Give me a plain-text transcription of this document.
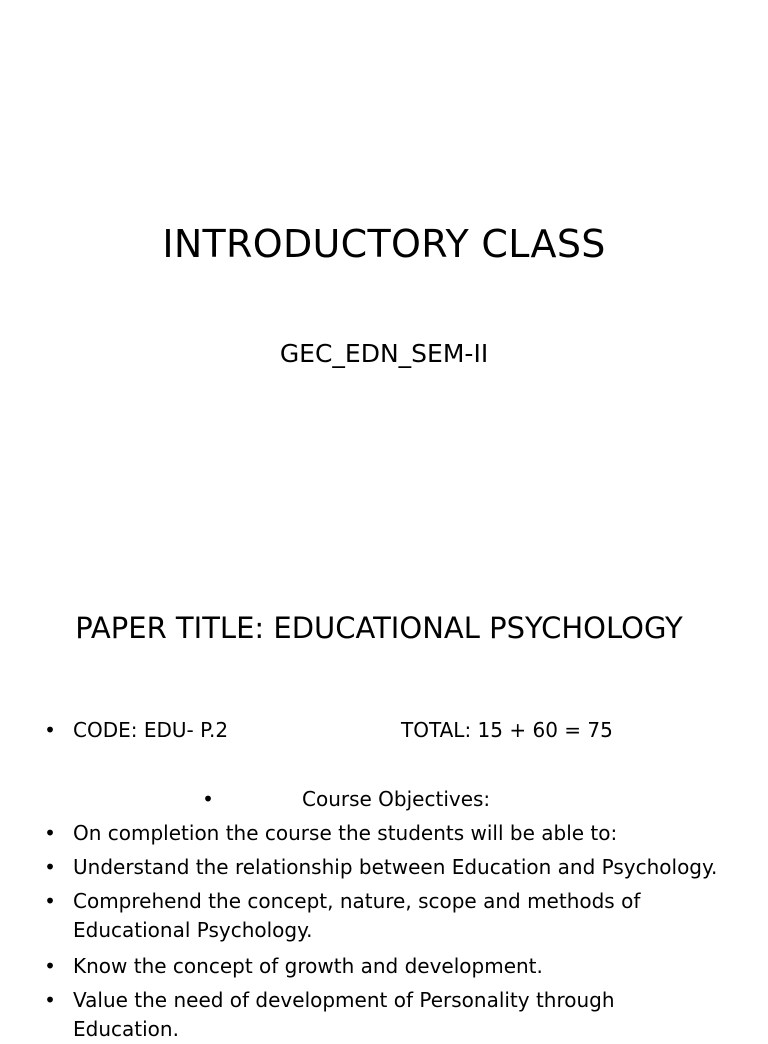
INTRODUCTORY CLASS
GEC_EDN_SEM-II
PAPER TITLE: EDUCATIONAL PSYCHOLOGY
• CODE: EDU- P.2	TOTAL: 15 + 60 = 75
•	Course Objectives:
• On completion the course the students will be able to:
• Understand the relationship between Education and Psychology.
• Comprehend the concept, nature, scope and methods of Educational Psychology.
• Know the concept of growth and development.
• Value the need of development of Personality through Education.
